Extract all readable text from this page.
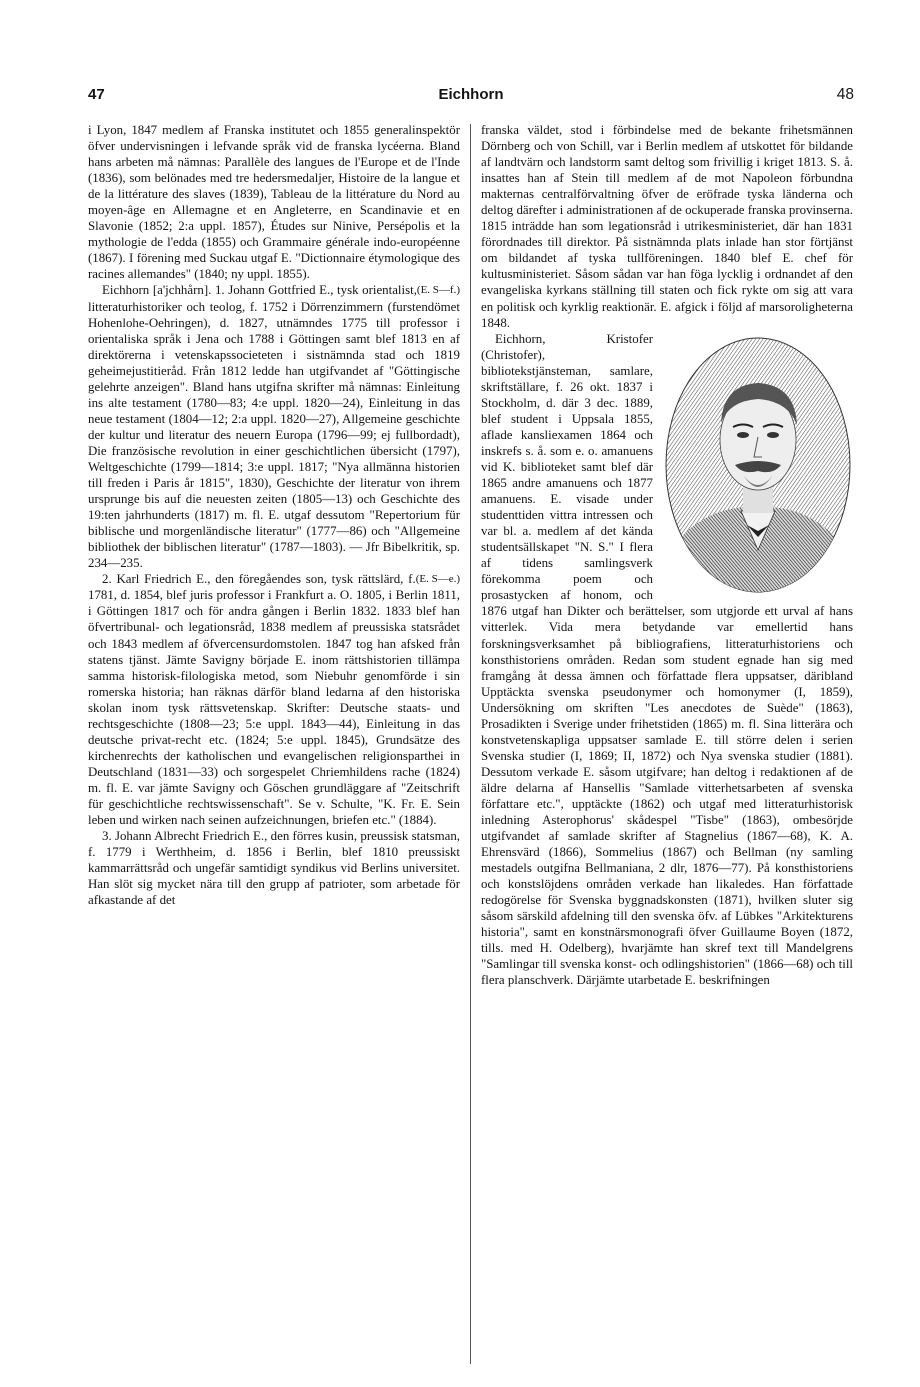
47	Eichhorn	48

i Lyon, 1847 medlem af Franska institutet och 1855 generalinspektör öfver undervisningen i lefvande språk vid de franska lycéerna. Bland hans arbeten må nämnas: Parallèle des langues de l'Europe et de l'Inde (1836), som belönades med tre hedersmedaljer, Histoire de la langue et de la littérature des slaves (1839), Tableau de la littérature du Nord au moyen-âge en Allemagne et en Angleterre, en Scandinavie et en Slavonie (1852; 2:a uppl. 1857), Études sur Ninive, Persépolis et la mythologie de l'edda (1855) och Grammaire générale indo-européenne (1867). I förening med Suckau utgaf E. "Dictionnaire étymologique des racines allemandes" (1840; ny uppl. 1855).

(E. S—f.)

Eichhorn [a'jchhårn]. 1. Johann Gottfried E., tysk orientalist, litteraturhistoriker och teolog, f. 1752 i Dörrenzimmern (furstendömet Hohenlohe-Oehringen), d. 1827, utnämndes 1775 till professor i orientaliska språk i Jena och 1788 i Göttingen samt blef 1813 en af direktörerna i vetenskapssocieteten i sistnämnda stad och 1819 geheimejustitieråd. Från 1812 ledde han utgifvandet af "Göttingische gelehrte anzeigen". Bland hans utgifna skrifter må nämnas: Einleitung ins alte testament (1780—83; 4:e uppl. 1820—24), Einleitung in das neue testament (1804—12; 2:a uppl. 1820—27), Allgemeine geschichte der kultur und literatur des neuern Europa (1796—99; ej fullbordadt), Die französische revolution in einer geschichtlichen übersicht (1797), Weltgeschichte (1799—1814; 3:e uppl. 1817; "Nya allmänna historien till freden i Paris år 1815", 1830), Geschichte der literatur von ihrem ursprunge bis auf die neuesten zeiten (1805—13) och Geschichte des 19:ten jahrhunderts (1817) m. fl. E. utgaf dessutom "Repertorium für biblische und morgenländische literatur" (1777—86) och "Allgemeine bibliothek der biblischen literatur" (1787—1803). — Jfr Bibelkritik, sp. 234—235.

(E. S—e.)

2. Karl Friedrich E., den föregåendes son, tysk rättslärd, f. 1781, d. 1854, blef juris professor i Frankfurt a. O. 1805, i Berlin 1811, i Göttingen 1817 och för andra gången i Berlin 1832. 1833 blef han öfvertribunal- och legationsråd, 1838 medlem af preussiska statsrådet och 1843 medlem af öfvercensurdomstolen. 1847 tog han afsked från statens tjänst. Jämte Savigny började E. inom rättshistorien tillämpa samma historisk-filologiska metod, som Niebuhr genomförde i sin romerska historia; han räknas därför bland ledarna af den historiska skolan inom tysk rättsvetenskap. Skrifter: Deutsche staats- und rechtsgeschichte (1808—23; 5:e uppl. 1843—44), Einleitung in das deutsche privat-recht etc. (1824; 5:e uppl. 1845), Grundsätze des kirchenrechts der katholischen und evangelischen religionsparthei in Deutschland (1831—33) och sorgespelet Chriemhildens rache (1824) m. fl. E. var jämte Savigny och Göschen grundläggare af "Zeitschrift für geschichtliche rechtswissenschaft". Se v. Schulte, "K. Fr. E. Sein leben und wirken nach seinen aufzeichnungen, briefen etc." (1884).

3. Johann Albrecht Friedrich E., den förres kusin, preussisk statsman, f. 1779 i Werthheim, d. 1856 i Berlin, blef 1810 preussiskt kammarrättsråd och ungefär samtidigt syndikus vid Berlins universitet. Han slöt sig mycket nära till den grupp af patrioter, som arbetade för afkastande af det

franska väldet, stod i förbindelse med de bekante frihetsmännen Dörnberg och von Schill, var i Berlin medlem af utskottet för bildande af landtvärn och landstorm samt deltog som frivillig i kriget 1813. S. å. insattes han af Stein till medlem af de mot Napoleon förbundna makternas centralförvaltning öfver de eröfrade tyska länderna och deltog därefter i administrationen af de ockuperade franska provinserna. 1815 inträdde han som legationsråd i utrikesministeriet, där han 1831 förordnades till direktor. På sistnämnda plats inlade han stor förtjänst om bildandet af tyska tullföreningen. 1840 blef E. chef för kultusministeriet. Såsom sådan var han föga lycklig i ordnandet af den evangeliska kyrkans ställning till staten och fick rykte om sig att vara en politisk och kyrklig reaktionär. E. afgick i följd af marsoroligheterna 1848.

Eichhorn, Kristofer (Christofer), bibliotekstjänsteman, samlare, skriftställare, f. 26 okt. 1837 i Stockholm, d. där 3 dec. 1889, blef student i Uppsala 1855, aflade kansliexamen 1864 och inskrefs s. å. som e. o. amanuens vid K. biblioteket samt blef där 1865 andre amanuens och 1877 amanuens. E. visade under studenttiden vittra intressen och var bl. a. medlem af det kända studentsällskapet "N. S." I flera af tidens samlingsverk förekomma poem och prosastycken af honom, och 1876 utgaf han Dikter och berättelser, som utgjorde ett urval af hans vitterlek. Vida mera betydande var emellertid hans forskningsverksamhet på bibliografiens, litteraturhistoriens och konsthistoriens områden. Redan som student egnade han sig med framgång åt dessa ämnen och författade flera uppsatser, däribland Upptäckta svenska pseudonymer och homonymer (I, 1859), Undersökning om skriften "Les anecdotes de Suède" (1863), Prosadikten i Sverige under frihetstiden (1865) m. fl. Sina litterära och konstvetenskapliga uppsatser samlade E. till större delen i serien Svenska studier (I, 1869; II, 1872) och Nya svenska studier (1881). Dessutom verkade E. såsom utgifvare; han deltog i redaktionen af de äldre delarna af Hansellis "Samlade vitterhetsarbeten af svenska författare etc.", upptäckte (1862) och utgaf med litteraturhistorisk inledning Asterophorus' skådespel "Tisbe" (1863), ombesörjde utgifvandet af samlade skrifter af Stagnelius (1867—68), K. A. Ehrensvärd (1866), Sommelius (1867) och Bellman (ny samling mestadels outgifna Bellmaniana, 2 dlr, 1876—77). På konsthistoriens och konstslöjdens områden verkade han likaledes. Han författade redogörelse för Svenska byggnadskonsten (1871), hvilken sluter sig såsom särskild afdelning till den svenska öfv. af Lübkes "Arkitekturens historia", samt en konstnärsmonografi öfver Guillaume Boyen (1872, tills. med H. Odelberg), hvarjämte han skref text till Mandelgrens "Samlingar till svenska konst- och odlingshistorien" (1866—68) och till flera planschverk. Därjämte utarbetade E. beskrifningen
